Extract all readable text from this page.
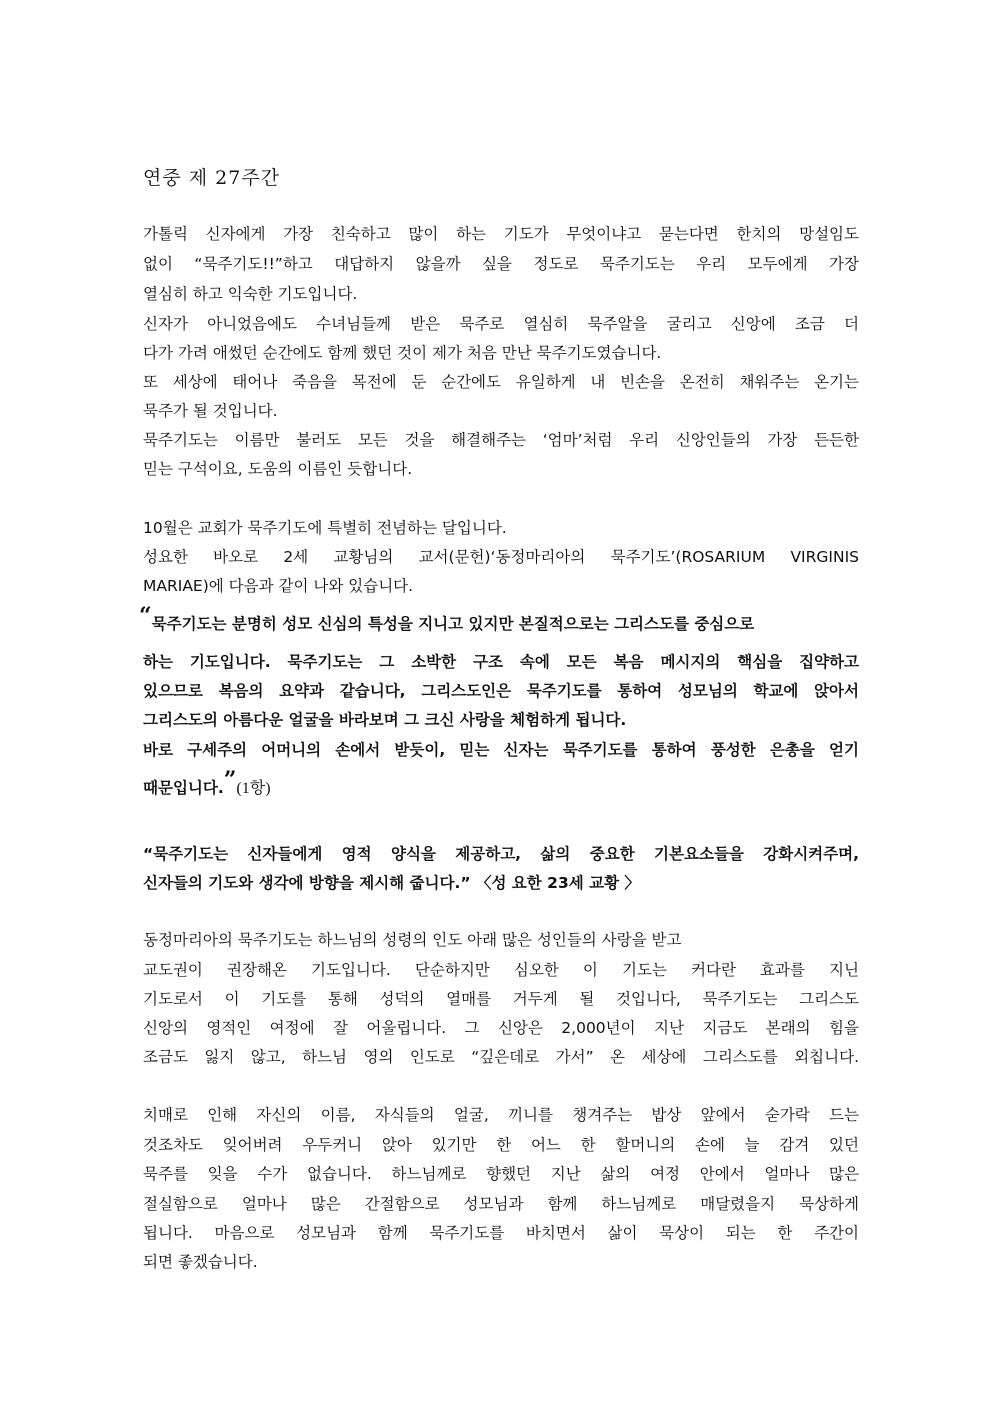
연중 제 27주간
가톨릭 신자에게 가장 친숙하고 많이 하는 기도가 무엇이냐고 묻는다면 한치의 망설임도
없이 “묵주기도!!”하고 대답하지 않을까 싶을 정도로 묵주기도는 우리 모두에게 가장
열심히 하고 익숙한 기도입니다.
신자가 아니었음에도 수녀님들께 받은 묵주로 열심히 묵주알을 굴리고 신앙에 조금 더
다가 가려 애썼던 순간에도 함께 했던 것이 제가 처음 만난 묵주기도였습니다.
또 세상에 태어나 죽음을 목전에 둔 순간에도 유일하게 내 빈손을 온전히 채워주는 온기는
묵주가 될 것입니다.
묵주기도는 이름만 불러도 모든 것을 해결해주는 ‘엄마’처럼 우리 신앙인들의 가장 든든한
믿는 구석이요, 도움의 이름인 듯합니다.
10월은 교회가 묵주기도에 특별히 전념하는 달입니다.
성요한 바오로 2세 교황님의 교서(문헌)‘동정마리아의 묵주기도’(ROSARIUM VIRGINIS
MARIAE)에 다음과 같이 나와 있습니다.
“묵주기도는 분명히 성모 신심의 특성을 지니고 있지만 본질적으로는 그리스도를 중심으로
하는 기도입니다. 묵주기도는 그 소박한 구조 속에 모든 복음 메시지의 핵심을 집약하고
있으므로 복음의 요약과 같습니다, 그리스도인은 묵주기도를 통하여 성모님의 학교에 앉아서
그리스도의 아름다운 얼굴을 바라보며 그 크신 사랑을 체험하게 됩니다.
바로 구세주의 어머니의 손에서 받듯이, 믿는 신자는 묵주기도를 통하여 풍성한 은총을 얻기
때문입니다.”(1항)
“묵주기도는 신자들에게 영적 양식을 제공하고, 삶의 중요한 기본요소들을 강화시켜주며,
신자들의 기도와 생각에 방향을 제시해 줍니다.” 〈성 요한 23세 교황 〉
동정마리아의 묵주기도는 하느님의 성령의 인도 아래 많은 성인들의 사랑을 받고
교도권이 권장해온 기도입니다. 단순하지만 심오한 이 기도는 커다란 효과를 지닌
기도로서 이 기도를 통해 성덕의 열매를 거두게 될 것입니다, 묵주기도는 그리스도
신앙의 영적인 여정에 잘 어울립니다. 그 신앙은 2,000년이 지난 지금도 본래의 힘을
조금도 잃지 않고, 하느님 영의 인도로 “깊은데로 가서” 온 세상에 그리스도를 외칩니다.
치매로 인해 자신의 이름, 자식들의 얼굴, 끼니를 챙겨주는 밥상 앞에서 숟가락 드는
것조차도 잊어버려 우두커니 앉아 있기만 한 어느 한 할머니의 손에 늘 감겨 있던
묵주를 잊을 수가 없습니다. 하느님께로 향했던 지난 삶의 여정 안에서 얼마나 많은
절실함으로 얼마나 많은 간절함으로 성모님과 함께 하느님께로 매달렸을지 묵상하게
됩니다. 마음으로 성모님과 함께 묵주기도를 바치면서 삶이 묵상이 되는 한 주간이
되면 좋겠습니다.
